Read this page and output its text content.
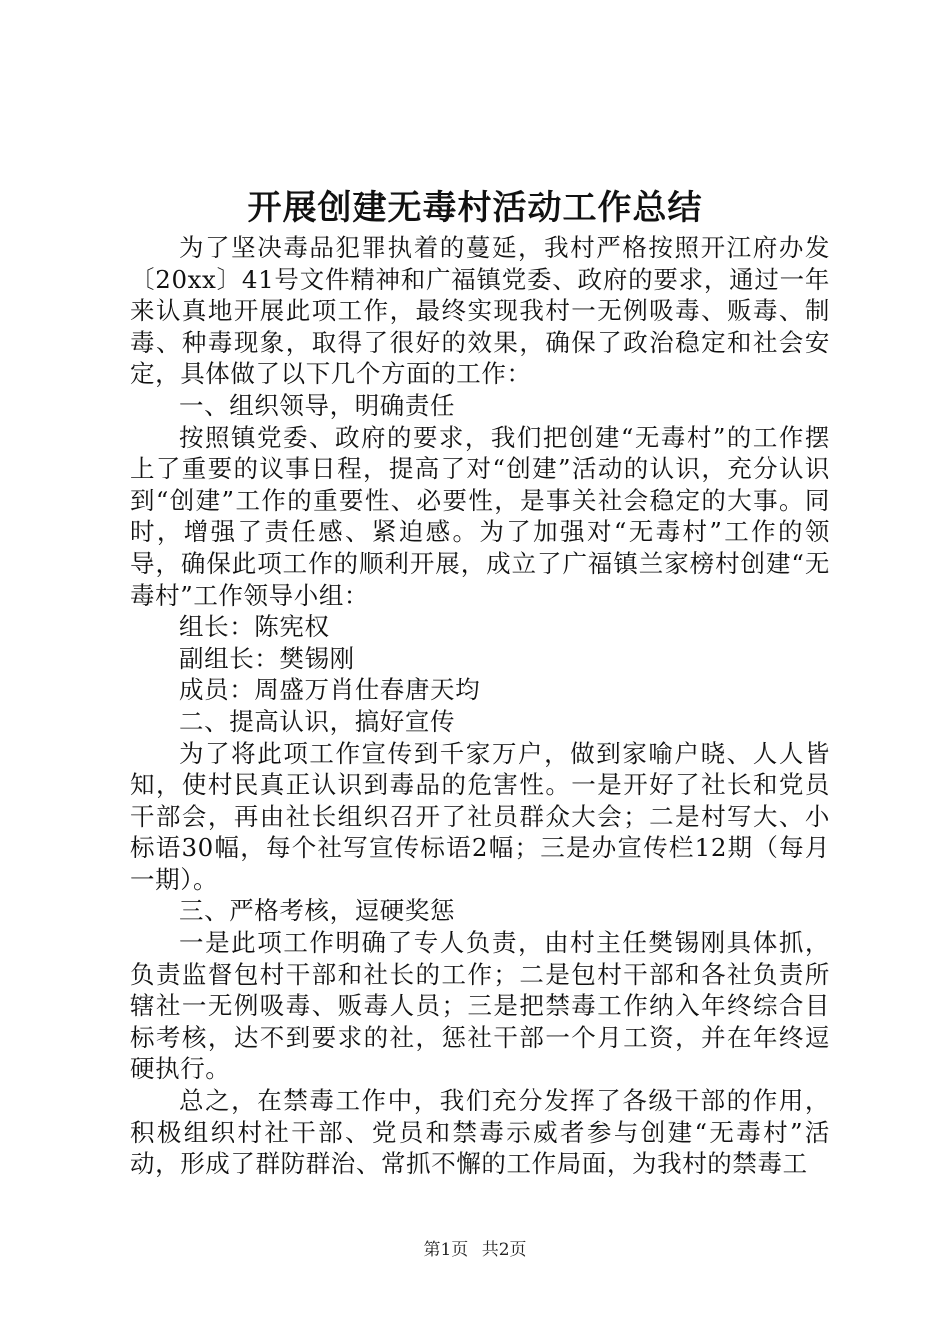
开展创建无毒村活动工作总结

为了坚决毒品犯罪执着的蔓延，我村严格按照开江府办发〔20xx〕41号文件精神和广福镇党委、政府的要求，通过一年来认真地开展此项工作，最终实现我村一无例吸毒、贩毒、制毒、种毒现象，取得了很好的效果，确保了政治稳定和社会安定，具体做了以下几个方面的工作：

一、组织领导，明确责任

按照镇党委、政府的要求，我们把创建“无毒村”的工作摆上了重要的议事日程，提高了对“创建”活动的认识，充分认识到“创建”工作的重要性、必要性，是事关社会稳定的大事。同时，增强了责任感、紧迫感。为了加强对“无毒村”工作的领导，确保此项工作的顺利开展，成立了广福镇兰家榜村创建“无毒村”工作领导小组：

组长：陈宪权

副组长：樊锡刚

成员：周盛万肖仕春唐天均

二、提高认识，搞好宣传

为了将此项工作宣传到千家万户，做到家喻户晓、人人皆知，使村民真正认识到毒品的危害性。一是开好了社长和党员干部会，再由社长组织召开了社员群众大会；二是村写大、小标语30幅，每个社写宣传标语2幅；三是办宣传栏12期（每月一期）。

三、严格考核，逗硬奖惩

一是此项工作明确了专人负责，由村主任樊锡刚具体抓，负责监督包村干部和社长的工作；二是包村干部和各社负责所辖社一无例吸毒、贩毒人员；三是把禁毒工作纳入年终综合目标考核，达不到要求的社，惩社干部一个月工资，并在年终逗硬执行。

总之，在禁毒工作中，我们充分发挥了各级干部的作用，积极组织村社干部、党员和禁毒示威者参与创建“无毒村”活动，形成了群防群治、常抓不懈的工作局面，为我村的禁毒工

第1页 共2页
